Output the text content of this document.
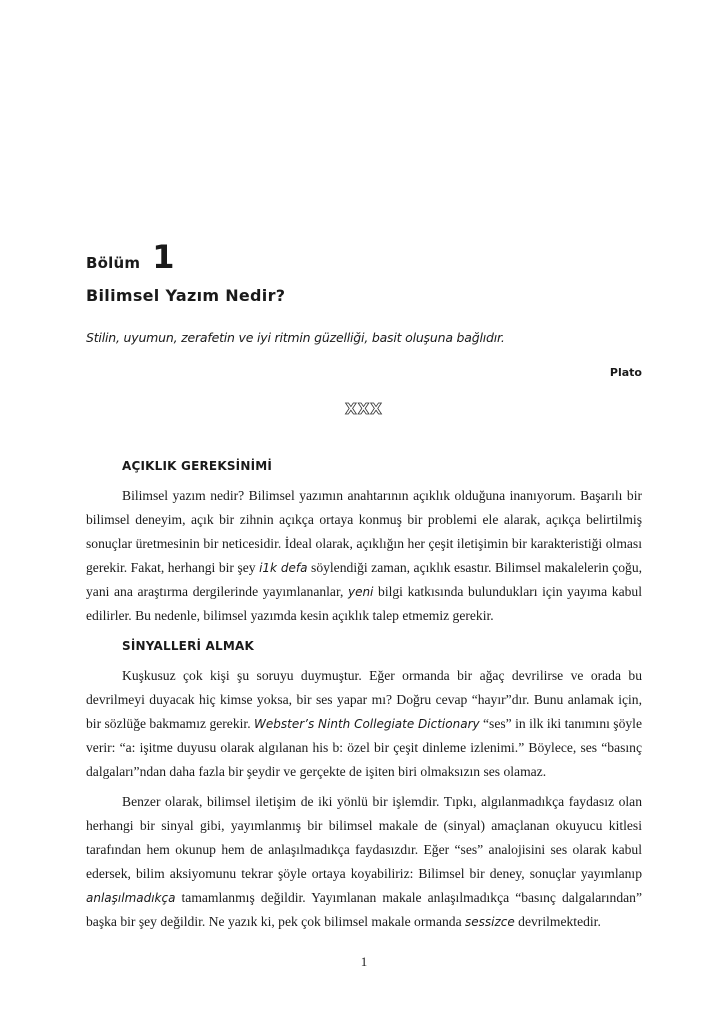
Bölüm 1
Bilimsel Yazım Nedir?
Stilin, uyumun, zerafetin ve iyi ritmin güzelliği, basit oluşuna bağlıdır.
Plato
XXX
AÇIKLIK GEREKSİNİMİ

Bilimsel yazım nedir? Bilimsel yazımın anahtarının açıklık olduğuna inanıyorum. Başarılı bir bilimsel deneyim, açık bir zihnin açıkça ortaya konmuş bir problemi ele alarak, açıkça belirtilmiş sonuçlar üretmesinin bir neticesidir. İdeal olarak, açıklığın her çeşit iletişimin bir karakteristiği olması gerekir. Fakat, herhangi bir şey i1k defa söylendiği zaman, açıklık esastır. Bilimsel makalelerin çoğu, yani ana araştırma dergilerinde yayımlananlar, yeni bilgi katkısında bulundukları için yayıma kabul edilirler. Bu nedenle, bilimsel yazımda kesin açıklık talep etmemiz gerekir.

SİNYALLERİ ALMAK

Kuşkusuz çok kişi şu soruyu duymuştur. Eğer ormanda bir ağaç devrilirse ve orada bu devrilmeyi duyacak hiç kimse yoksa, bir ses yapar mı? Doğru cevap “hayır”dır. Bunu anlamak için, bir sözlüğe bakmamız gerekir. Webster’s Ninth Collegiate Dictionary “ses” in ilk iki tanımını şöyle verir: “a: işitme duyusu olarak algılanan his b: özel bir çeşit dinleme izlenimi.” Böylece, ses “basınç dalgaları”ndan daha fazla bir şeydir ve gerçekte de işiten biri olmaksızın ses olamaz.

Benzer olarak, bilimsel iletişim de iki yönlü bir işlemdir. Tıpkı, algılanmadıkça faydasız olan herhangi bir sinyal gibi, yayımlanmış bir bilimsel makale de (sinyal) amaçlanan okuyucu kitlesi tarafından hem okunup hem de anlaşılmadıkça faydasızdır. Eğer “ses” analojisini ses olarak kabul edersek, bilim aksiyomunu tekrar şöyle ortaya koyabiliriz: Bilimsel bir deney, sonuçlar yayımlanıp anlaşılmadıkça tamamlanmış değildir. Yayımlanan makale anlaşılmadıkça “basınç dalgalarından” başka bir şey değildir. Ne yazık ki, pek çok bilimsel makale ormanda sessizce devrilmektedir.

1
